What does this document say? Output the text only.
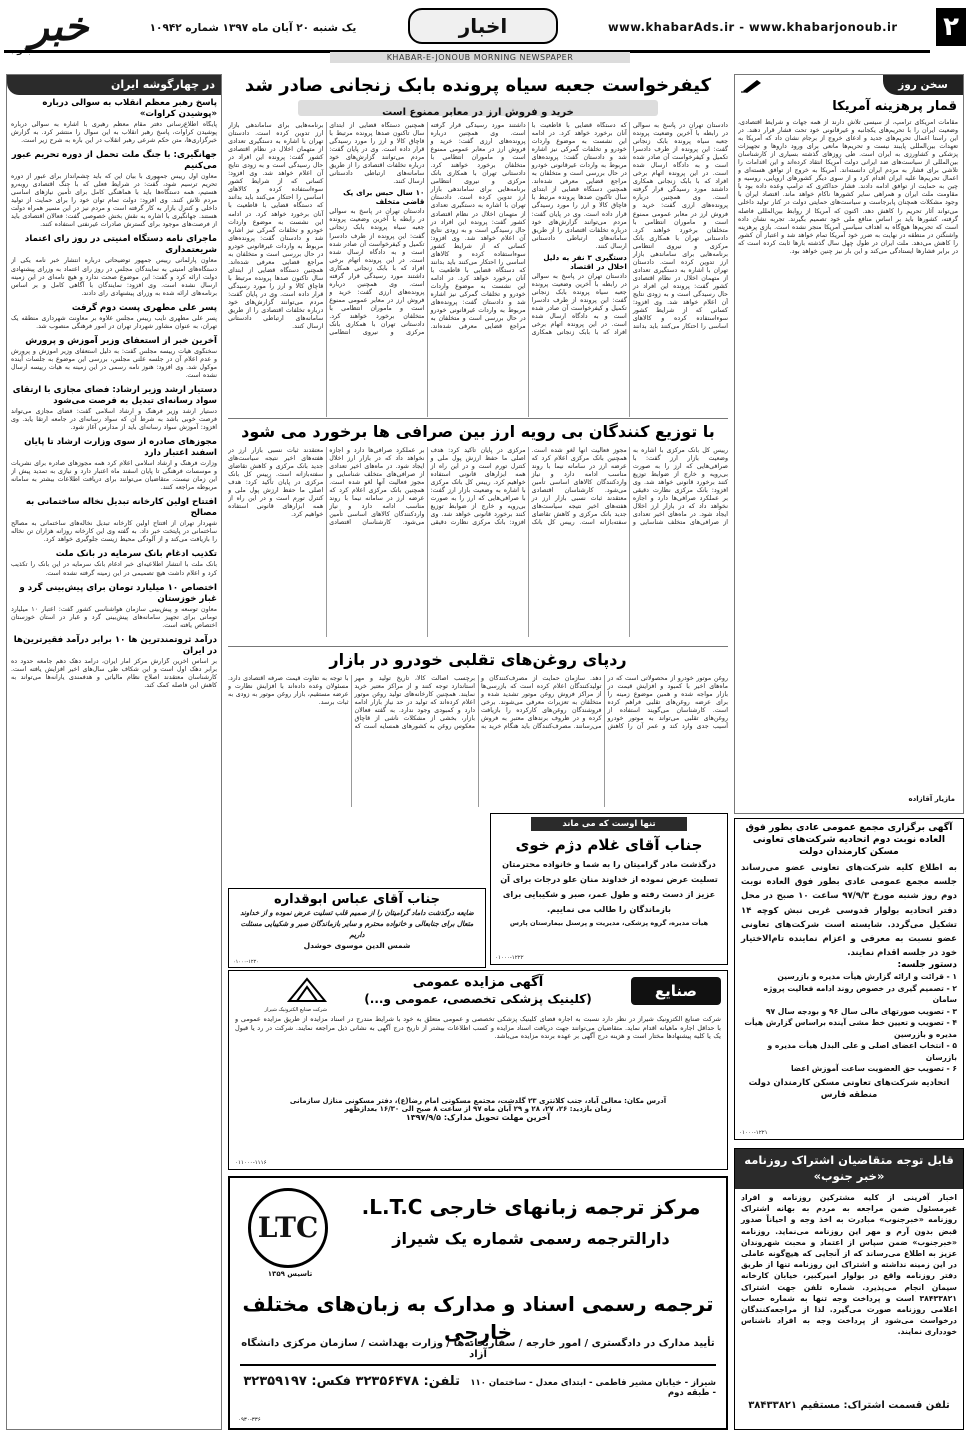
۲
www.khabarAds.ir - www.khabarjonoub.ir
اخبار
یک شنبه ۲۰ آبان ماه ۱۳۹۷ شماره ۱۰۹۴۲
خبر
KHABAR-E-JONOUB MORNING NEWSPAPER
در چهارگوشه ایران
پاسخ رهبر معظم انقلاب به سوالی درباره «پوشیدن کراوات»
پایگاه اطلاع‌رسانی دفتر مقام معظم رهبری با اشاره به سوالی درباره پوشیدن کراوات، پاسخ رهبر انقلاب به این سوال را منتشر کرد. به گزارش خبرگزاری‌ها، متن حکم شرعی رهبر انقلاب در این باره به شرح زیر است.
جهانگیری: با جنگ ملت تحمل از دوره تحریم عبور می‌کنیم
معاون اول رییس جمهوری با بیان این که باید چشم‌انداز برای عبور از دوره تحریم ترسیم شود، گفت: در شرایط فعلی که با جنگ اقتصادی روبه‌رو هستیم، همه دستگاه‌ها باید با هماهنگی کامل برای تأمین نیازهای اساسی مردم تلاش کنند. وی افزود: دولت تمام توان خود را برای حمایت از تولید داخلی و کنترل بازار به کار گرفته است و مردم نیز در این مسیر همراه دولت هستند. جهانگیری با اشاره به نقش بخش خصوصی گفت: فعالان اقتصادی باید از فرصت‌های موجود برای گسترش صادرات غیرنفتی استفاده کنند.
ماجرای نامه دستگاه امنیتی در روز رای اعتماد شریعتمداری
معاون پارلمانی رییس جمهور توضیحاتی درباره انتشار خبر نامه یکی از دستگاه‌های امنیتی به نمایندگان مجلس در روز رای اعتماد به وزرای پیشنهادی دولت ارائه کرد و گفت: این موضوع صحت ندارد و هیچ نامه‌ای در این زمینه ارسال نشده است. وی افزود: نمایندگان با آگاهی کامل و بر اساس برنامه‌های ارائه شده به وزرای پیشنهادی رای دادند.
پسر علی مطهری پست دوم گرفت
پسر علی مطهری نایب رییس مجلس علاوه بر معاونت شهرداری منطقه یک تهران، به عنوان مشاور شهردار تهران در امور فرهنگی منصوب شد.
آخرین خبر از استعفای وزیر آموزش و پرورش
سخنگوی هیات رییسه مجلس گفت: به دلیل استعفای وزیر آموزش و پرورش و عدم اعلام آن در جلسه علنی مجلس، بررسی این موضوع به جلسات آینده موکول شد. وی افزود: هنوز نامه رسمی در این زمینه به هیات رییسه ارسال نشده است.
دستیار ارشد وزیر ارشاد: فضای مجازی با ارتقای سواد رسانه‌ای تبدیل به فرصت می‌شود
دستیار ارشد وزیر فرهنگ و ارشاد اسلامی گفت: فضای مجازی می‌تواند فرصت خوبی باشد به شرط آن که سواد رسانه‌ای در جامعه ارتقا یابد. وی افزود: آموزش سواد رسانه‌ای باید از مدارس آغاز شود.
مجوزهای صادره از سوی وزارت ارشاد تا پایان اسفند اعتبار دارد
وزارت فرهنگ و ارشاد اسلامی اعلام کرد همه مجوزهای صادره برای نشریات و موسسات فرهنگی تا پایان اسفند ماه اعتبار دارد و نیازی به تمدید پیش از این زمان نیست. متقاضیان می‌توانند برای دریافت اطلاعات بیشتر به سامانه مربوطه مراجعه کنند.
افتتاح اولین کارخانه تبدیل نخاله ساختمانی به مصالح
شهردار تهران از افتتاح اولین کارخانه تبدیل نخاله‌های ساختمانی به مصالح ساختمانی در پایتخت خبر داد. به گفته وی این کارخانه روزانه هزاران تن نخاله را بازیافت می‌کند و از آلودگی محیط زیست جلوگیری خواهد کرد.
تکذیب ادغام بانک سرمایه در بانک ملت
بانک ملت با انتشار اطلاعیه‌ای خبر ادغام بانک سرمایه در این بانک را تکذیب کرد و اعلام داشت هیچ تصمیمی در این زمینه گرفته نشده است.
اختصاص ۱۰ میلیارد تومان برای پیش‌بینی گرد و غبار خوزستان
معاون توسعه و پیش‌بینی سازمان هواشناسی کشور گفت: اعتبار ۱۰ میلیارد تومانی برای تجهیز سامانه‌های پیش‌بینی گرد و غبار در استان خوزستان اختصاص یافته است.
درآمد ثروتمندترین ها ۱۰ برابر درآمد فقیرترین‌ها در ایران
بر اساس آخرین گزارش مرکز آمار ایران، درآمد دهک دهم جامعه حدود ده برابر دهک اول است و این شکاف طی سال‌های اخیر افزایش یافته است. کارشناسان معتقدند اصلاح نظام مالیاتی و هدفمندی یارانه‌ها می‌تواند به کاهش این فاصله کمک کند.
سخن روز
قمار پرهزینه آمریکا
مقامات آمریکای ترامپ، از سیسی تلاش دارند از همه جهات و شرایط اقتصادی، وضعیت ایران را با تحریم‌های یکجانبه و غیرقانونی خود تحت فشار قرار دهند. در این راستا اعمال تحریم‌های جدید و ادعای خروج از برجام نشان داد که آمریکا به تعهدات بین‌المللی پایبند نیست و تحریم‌ها مانعی برای ورود داروها و تجهیزات پزشکی و کشاورزی به ایران است. طی روزهای گذشته بسیاری از کارشناسان بین‌المللی از سیاست‌های ضد ایرانی دولت آمریکا انتقاد کرده‌اند و این اقدامات را تلاشی برای فشار به مردم ایران دانسته‌اند. آمریکا به خروج از توافق هسته‌ای و اعمال تحریم‌ها علیه ایران اقدام کرد و از سوی دیگر کشورهای اروپایی، روسیه و چین به حمایت از توافق ادامه دادند. فشار حداکثری که ترامپ وعده داده بود با مقاومت ملت ایران و همراهی سایر کشورها ناکام خواهد ماند. اقتصاد ایران با وجود مشکلات همچنان پابرجاست و سیاست‌های حمایتی دولت در کنار تولید داخلی می‌تواند آثار تحریم را کاهش دهد. اکنون که آمریکا از روابط بین‌المللی فاصله گرفته، کشورها باید بر اساس منافع ملی خود تصمیم بگیرند. تجربه نشان داده است که تحریم‌ها هیچ‌گاه به اهداف سیاسی آمریکا منجر نشده است. بازی پرهزینه واشنگتن در منطقه در نهایت به ضرر خود آمریکا تمام خواهد شد و اعتبار آن کشور را کاهش می‌دهد. ملت ایران در طول چهل سال گذشته بارها ثابت کرده است که در برابر فشارها ایستادگی می‌کند و این بار نیز چنین خواهد بود.
مازیار آقازاده
کیفرخواست جعبه سیاه پرونده بابک زنجانی صادر شد
خرید و فروش ارز در معابر ممنوع است
دادستان تهران در پاسخ به سوالی در رابطه با آخرین وضعیت پرونده جعبه سیاه پرونده بابک زنجانی گفت: این پرونده از طرف دادسرا تکمیل و کیفرخواست آن صادر شده است و به دادگاه ارسال شده است. در این پرونده اتهام برخی افراد که با بابک زنجانی همکاری داشتند مورد رسیدگی قرار گرفته است. وی همچنین درباره پرونده‌های ارزی گفت: خرید و فروش ارز در معابر عمومی ممنوع است و ماموران انتظامی با متخلفان برخورد خواهند کرد. دادستانی تهران با همکاری بانک مرکزی و نیروی انتظامی برنامه‌هایی برای ساماندهی بازار ارز تدوین کرده است. دادستان تهران با اشاره به دستگیری تعدادی از متهمان اخلال در نظام اقتصادی کشور گفت: پرونده این افراد در حال رسیدگی است و به زودی نتایج آن اعلام خواهد شد. وی افزود: کسانی که از شرایط کشور سوءاستفاده کرده و کالاهای اساسی را احتکار می‌کنند باید بدانند که دستگاه قضایی با قاطعیت با آنان برخورد خواهد کرد. در ادامه این نشست به موضوع واردات خودرو و تخلفات گمرکی نیز اشاره شد و دادستان گفت: پرونده‌های مربوط به واردات غیرقانونی خودرو در حال بررسی است و متخلفان به مراجع قضایی معرفی شده‌اند. همچنین دستگاه قضایی از ابتدای سال تاکنون صدها پرونده مرتبط با قاچاق کالا و ارز را مورد رسیدگی قرار داده است. وی در پایان گفت: مردم می‌توانند گزارش‌های خود درباره تخلفات اقتصادی را از طریق سامانه‌های ارتباطی دادستانی ارسال کنند.
دستگیری ۳ نفر به دلیل اخلال در اقتصاد
دادستان تهران در پاسخ به سوالی در رابطه با آخرین وضعیت پرونده جعبه سیاه پرونده بابک زنجانی گفت: این پرونده از طرف دادسرا تکمیل و کیفرخواست آن صادر شده است و به دادگاه ارسال شده است. در این پرونده اتهام برخی افراد که با بابک زنجانی همکاری داشتند مورد رسیدگی قرار گرفته است. وی همچنین درباره پرونده‌های ارزی گفت: خرید و فروش ارز در معابر عمومی ممنوع است و ماموران انتظامی با متخلفان برخورد خواهند کرد. دادستانی تهران با همکاری بانک مرکزی و نیروی انتظامی برنامه‌هایی برای ساماندهی بازار ارز تدوین کرده است. دادستان تهران با اشاره به دستگیری تعدادی از متهمان اخلال در نظام اقتصادی کشور گفت: پرونده این افراد در حال رسیدگی است و به زودی نتایج آن اعلام خواهد شد. وی افزود: کسانی که از شرایط کشور سوءاستفاده کرده و کالاهای اساسی را احتکار می‌کنند باید بدانند که دستگاه قضایی با قاطعیت با آنان برخورد خواهد کرد. در ادامه این نشست به موضوع واردات خودرو و تخلفات گمرکی نیز اشاره شد و دادستان گفت: پرونده‌های مربوط به واردات غیرقانونی خودرو در حال بررسی است و متخلفان به مراجع قضایی معرفی شده‌اند. همچنین دستگاه قضایی از ابتدای سال تاکنون صدها پرونده مرتبط با قاچاق کالا و ارز را مورد رسیدگی قرار داده است. وی در پایان گفت: مردم می‌توانند گزارش‌های خود درباره تخلفات اقتصادی را از طریق سامانه‌های ارتباطی دادستانی ارسال کنند.
۱۰ سال حبس برای یک قاضی متخلف
دادستان تهران در پاسخ به سوالی در رابطه با آخرین وضعیت پرونده جعبه سیاه پرونده بابک زنجانی گفت: این پرونده از طرف دادسرا تکمیل و کیفرخواست آن صادر شده است و به دادگاه ارسال شده است. در این پرونده اتهام برخی افراد که با بابک زنجانی همکاری داشتند مورد رسیدگی قرار گرفته است. وی همچنین درباره پرونده‌های ارزی گفت: خرید و فروش ارز در معابر عمومی ممنوع است و ماموران انتظامی با متخلفان برخورد خواهند کرد. دادستانی تهران با همکاری بانک مرکزی و نیروی انتظامی برنامه‌هایی برای ساماندهی بازار ارز تدوین کرده است. دادستان تهران با اشاره به دستگیری تعدادی از متهمان اخلال در نظام اقتصادی کشور گفت: پرونده این افراد در حال رسیدگی است و به زودی نتایج آن اعلام خواهد شد. وی افزود: کسانی که از شرایط کشور سوءاستفاده کرده و کالاهای اساسی را احتکار می‌کنند باید بدانند که دستگاه قضایی با قاطعیت با آنان برخورد خواهد کرد. در ادامه این نشست به موضوع واردات خودرو و تخلفات گمرکی نیز اشاره شد و دادستان گفت: پرونده‌های مربوط به واردات غیرقانونی خودرو در حال بررسی است و متخلفان به مراجع قضایی معرفی شده‌اند. همچنین دستگاه قضایی از ابتدای سال تاکنون صدها پرونده مرتبط با قاچاق کالا و ارز را مورد رسیدگی قرار داده است. وی در پایان گفت: مردم می‌توانند گزارش‌های خود درباره تخلفات اقتصادی را از طریق سامانه‌های ارتباطی دادستانی ارسال کنند.
با توزیع کنندگان بی رویه ارز بین صرافی ها برخورد می شود
رییس کل بانک مرکزی با اشاره به وضعیت بازار ارز گفت: با صرافی‌هایی که ارز را به صورت بی‌رویه و خارج از ضوابط توزیع کنند برخورد قانونی خواهد شد. وی افزود: بانک مرکزی نظارت دقیقی بر عملکرد صرافی‌ها دارد و اجازه نخواهد داد که در بازار ارز اخلال ایجاد شود. در ماه‌های اخیر تعدادی از صرافی‌های متخلف شناسایی و مجوز فعالیت آنها لغو شده است. همچنین بانک مرکزی اعلام کرد که عرضه ارز در سامانه نیما با روند مناسب ادامه دارد و نیاز واردکنندگان کالاهای اساسی تأمین می‌شود. کارشناسان اقتصادی معتقدند ثبات نسبی بازار ارز در هفته‌های اخیر نتیجه سیاست‌های جدید بانک مرکزی و کاهش تقاضای سفته‌بازانه است. رییس کل بانک مرکزی در پایان تأکید کرد: هدف اصلی ما حفظ ارزش پول ملی و کنترل تورم است و در این راه از همه ابزارهای قانونی استفاده خواهیم کرد. رییس کل بانک مرکزی با اشاره به وضعیت بازار ارز گفت: با صرافی‌هایی که ارز را به صورت بی‌رویه و خارج از ضوابط توزیع کنند برخورد قانونی خواهد شد. وی افزود: بانک مرکزی نظارت دقیقی بر عملکرد صرافی‌ها دارد و اجازه نخواهد داد که در بازار ارز اخلال ایجاد شود. در ماه‌های اخیر تعدادی از صرافی‌های متخلف شناسایی و مجوز فعالیت آنها لغو شده است. همچنین بانک مرکزی اعلام کرد که عرضه ارز در سامانه نیما با روند مناسب ادامه دارد و نیاز واردکنندگان کالاهای اساسی تأمین می‌شود. کارشناسان اقتصادی معتقدند ثبات نسبی بازار ارز در هفته‌های اخیر نتیجه سیاست‌های جدید بانک مرکزی و کاهش تقاضای سفته‌بازانه است. رییس کل بانک مرکزی در پایان تأکید کرد: هدف اصلی ما حفظ ارزش پول ملی و کنترل تورم است و در این راه از همه ابزارهای قانونی استفاده خواهیم کرد.
ردپای روغن‌های تقلبی خودرو در بازار
روغن موتور خودرو از محصولاتی است که در ماه‌های اخیر با کمبود و افزایش قیمت در بازار مواجه شده و همین موضوع زمینه را برای عرضه روغن‌های تقلبی فراهم کرده است. کارشناسان می‌گویند استفاده از روغن‌های تقلبی می‌تواند به موتور خودرو آسیب جدی وارد کند و عمر آن را کاهش دهد. سازمان حمایت از مصرف‌کنندگان و تولیدکنندگان اعلام کرده است که بازرسی‌ها از مراکز فروش روغن موتور تشدید شده و متخلفان به تعزیرات معرفی می‌شوند. برخی فروشندگان روغن‌های کارکرده را بازیافت کرده و در ظروف برندهای معتبر به فروش می‌رسانند. مصرف‌کنندگان باید هنگام خرید به برچسب اصالت کالا، تاریخ تولید و مهر استاندارد توجه کنند و از مراکز معتبر خرید نمایند. همچنین کارخانه‌های تولید روغن موتور اعلام کرده‌اند که تولید در حد نیاز بازار ادامه دارد و کمبودی وجود ندارد. به گفته فعالان بازار، بخشی از مشکلات ناشی از قاچاق معکوس روغن به کشورهای همسایه است که با توجه به تفاوت قیمت صرفه اقتصادی دارد. مسئولان وعده داده‌اند با افزایش نظارت و عرضه مستقیم، بازار روغن موتور به زودی به ثبات برسد.
تنها اوست که می ماند
جناب آقای غلام دژم خوی
درگذشت مادر گرامیتان را به شما و خانواده محترمتان تسلیت عرض نموده از خداوند منان علو درجات برای آن عزیز از دست رفته و طول عمر، صبر و شکیبایی برای بازماندگان را طالب می نماییم.
هیأت مدیره، گروه پزشکی، مدیریت و پرسنل بیمارستان پارس
۰۱۰۰۰-۱۲۲۲
جناب آقای عباس ابوقداره
ضایعه درگذشت داماد گرامیتان را از صمیم قلب تسلیت عرض نموده و از خداوند متعال برای جنابعالی و خانواده محترم و سایر بازماندگان صبر و شکیبایی مسئلت داریم
شمس الدین موسوی خوشدل
۰۱۰۰۰-۱۲۲۰
صنایع
شرکت صنایع الکترونیک شیراز
آگهی مزایده عمومی
(کلینیک پزشکی تخصصی، عمومی و...)
شرکت صنایع الکترونیک شیراز در نظر دارد نسبت به اجاره فضای کلینیک پزشکی تخصصی و عمومی متعلق به خود با شرایط مندرج در اسناد مزایده از طریق مزایده عمومی و با حداقل اجاره ماهیانه اقدام نماید. متقاضیان می‌توانند جهت دریافت اسناد مزایده و کسب اطلاعات بیشتر از تاریخ درج آگهی به نشانی ذیل مراجعه نمایند. شرکت در رد یا قبول یک یا کلیه پیشنهادها مختار است و هزینه درج آگهی بر عهده برنده مزایده می‌باشد.
آدرس مکان: معالی آباد، جنب کلانتری ۲۳ گلدشت، مجتمع مسکونی امام رضا(ع)، دفتر مسکونی منازل سازمانی
زمان بازدید: ۲۶، ۲۷، ۲۸ و ۲۹ آبان ماه ۹۷ از ساعت ۸ صبح الی ۱۶/۳۰ بعدازظهر
آخرین مهلت تحویل مدارک: ۱۳۹۷/۹/۵
۰۱۱۰۰۰-۱۱۱۶
آگهی برگزاری مجمع عمومی عادی بطور فوق العاده نوبت دوم اتحادیه شرکت‌های تعاونی مسکن کارمندان دولت
به اطلاع کلیه شرکت‌های تعاونی عضو می‌رساند جلسه مجمع عمومی عادی بطور فوق العاده نوبت دوم روز شنبه مورخ ۹۷/۹/۳ ساعت ۱۰ صبح در محل دفتر اتحادیه بولوار قدوسی غربی نبش کوچه ۱۴ تشکیل می‌گردد. شایسته است شرکت‌های تعاونی عضو نسبت به معرفی و اعزام نماینده تام‌الاختیار خود در جلسه اقدام نمایند.
دستور جلسه:
۱ - قرائت و ارائه گزارش هیأت مدیره و بازرسین
۲ - تصمیم گیری در خصوص روند ادامه فعالیت پروژه سامان
۳ - تصویب صورتهای مالی سال ۹۶ و بودجه سال ۹۷
۴ - تصویب و تعیین خط مشی آینده براساس گزارش هیأت مدیره و بازرسین
۵ - انتخاب اعضای اصلی و علی البدل هیأت مدیره و بازرسان
۶ - تصویب حق العضویت ساعت آموزش اعضا
اتحادیه شرکت‌های تعاونی مسکن کارمندان دولت منطقه فارس
۰۱۰۰۰-۱۲۲۱
قابل توجه متقاضیان اشتراک روزنامه «خبر جنوب»
اخبار آفرینی از کلیه مشترکین روزنامه و افراد غیرمسئول ضمن مراجعه به مردم به بهانه اشتراک روزنامه «خبرجنوب» مبادرت به اخذ وجه و احیاناً صدور قبض بدون آرم و مهر این روزنامه می‌نماید. روزنامه «خبرجنوب» ضمن سپاس از اعتماد و محبت شهروندان عزیز به اطلاع می‌رساند که از آنجایی که هیچ‌گونه عاملی در این زمینه نداشته و اشتراک این روزنامه تنها از طریق دفتر روزنامه واقع در بولوار امیرکبیر، خیابان کارخانه سیمان انجام می‌پذیرد. شماره تلفن جهت اشتراک ۳۸۴۳۳۸۲۱ است و پرداخت وجه تنها به شماره حساب اعلامی روزنامه صورت می‌گیرد. لذا از مراجعه‌کنندگان درخواست می‌شود از پرداخت وجه به افراد ناشناس خودداری نمایند.
تلفن قسمت اشتراک: مستقیم ۳۸۴۳۳۸۲۱
LTC
تاسیس ۱۳۵۹
مرکز ترجمه زبانهای خارجی L.T.C.
دارالترجمه رسمی شماره یک شیراز
ترجمه رسمی اسناد و مدارک به زبان‌های مختلف خارجی
تأیید مدارک در دادگستری / امور خارجه / سفارتخانه‌ها / وزارت بهداشت / سازمان مرکزی دانشگاه آزاد
شیراز - خیابان مشیر فاطمی - ابتدای معدل - ساختمان ۱۱۰ - طبقه دوم
تلفن: ۳۲۳۵۶۴۷۸ فکس: ۳۲۳۵۹۱۹۷
۰۹۳۰-۳۳۶
